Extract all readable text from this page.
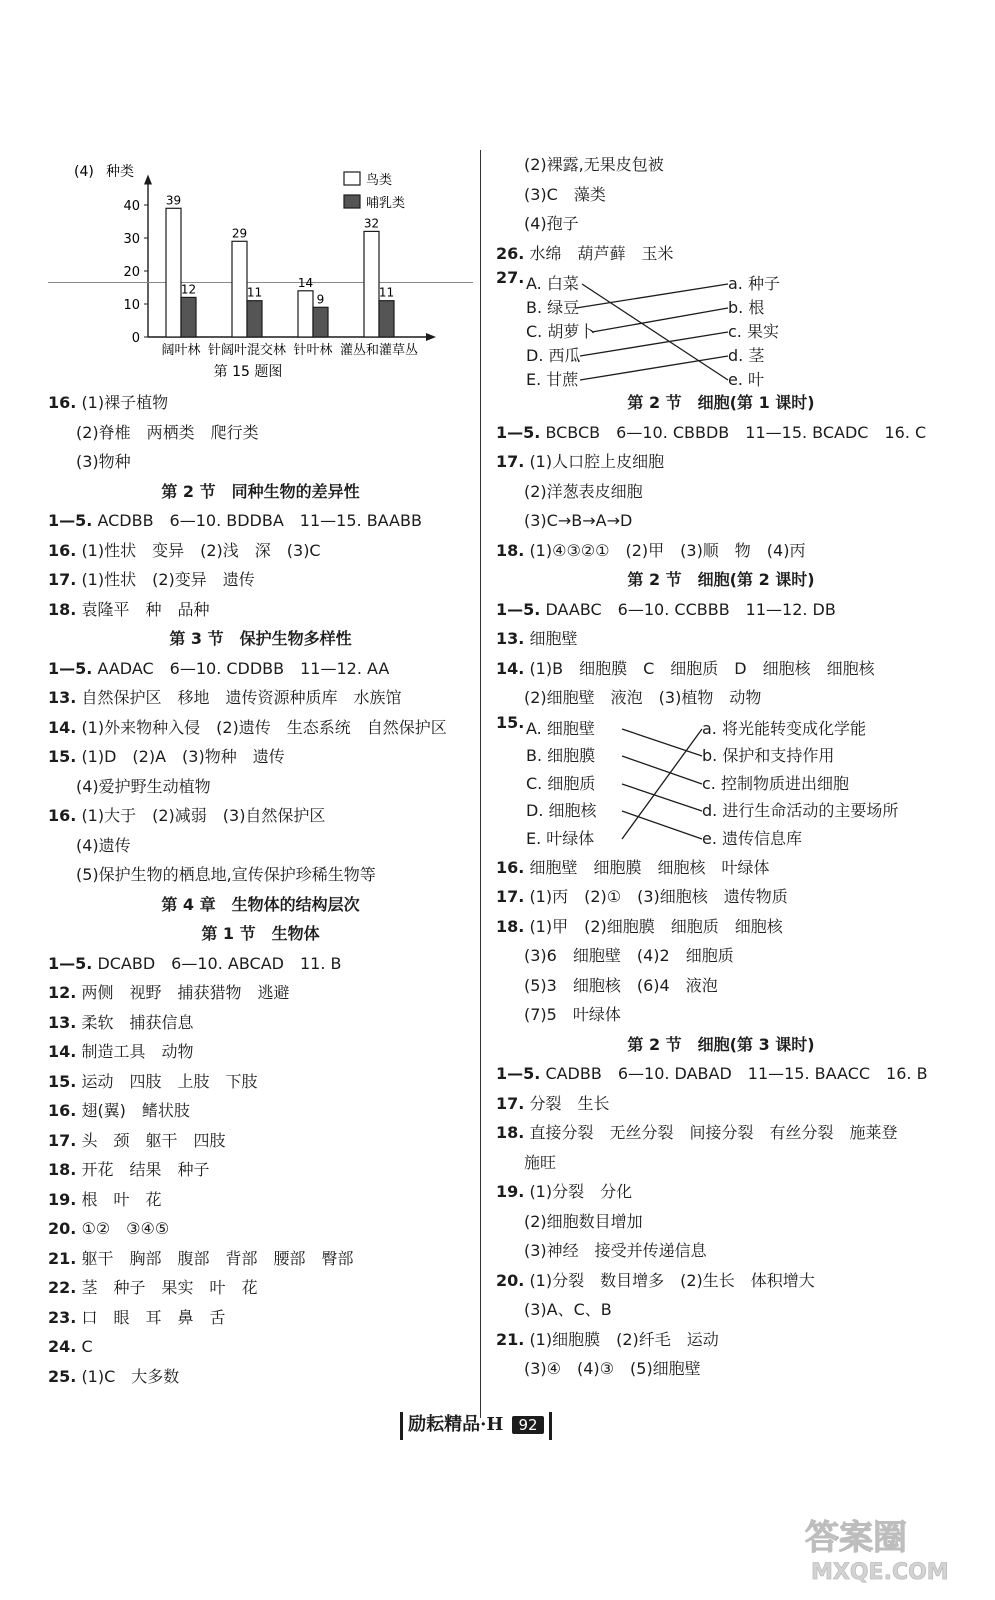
(4) 种类
0
10
20
30
40 39
12
阔叶林
29
11
针阔叶混交林
14
9
针叶林
32
11
灌丛和灌草丛
鸟类
哺乳类
第 15 题图
16. (1)裸子植物
(2)脊椎　两栖类　爬行类
(3)物种
第 2 节　同种生物的差异性
1—5. ACDBB　6—10. BDDBA　11—15. BAABB
16. (1)性状　变异　(2)浅　深　(3)C
17. (1)性状　(2)变异　遗传
18. 袁隆平　种　品种
第 3 节　保护生物多样性
1—5. AADAC　6—10. CDDBB　11—12. AA
13. 自然保护区　移地　遗传资源种质库　水族馆
14. (1)外来物种入侵　(2)遗传　生态系统　自然保护区
15. (1)D　(2)A　(3)物种　遗传
(4)爱护野生动植物
16. (1)大于　(2)减弱　(3)自然保护区
(4)遗传
(5)保护生物的栖息地,宣传保护珍稀生物等
第 4 章　生物体的结构层次
第 1 节　生物体
1—5. DCABD　6—10. ABCAD　11. B
12. 两侧　视野　捕获猎物　逃避
13. 柔软　捕获信息
14. 制造工具　动物
15. 运动　四肢　上肢　下肢
16. 翅(翼)　鳍状肢
17. 头　颈　躯干　四肢
18. 开花　结果　种子
19. 根　叶　花
20. ①②　③④⑤
21. 躯干　胸部　腹部　背部　腰部　臀部
22. 茎　种子　果实　叶　花
23. 口　眼　耳　鼻　舌
24. C
25. (1)C　大多数
(2)裸露,无果皮包被
(3)C　藻类
(4)孢子
26. 水绵　葫芦藓　玉米
27. A. 白菜
B. 绿豆
C. 胡萝卜
D. 西瓜
E. 甘蔗
a. 种子
b. 根
c. 果实
d. 茎
e. 叶
第 2 节　细胞(第 1 课时)
1—5. BCBCB　6—10. CBBDB　11—15. BCADC　16. C
17. (1)人口腔上皮细胞
(2)洋葱表皮细胞
(3)C→B→A→D
18. (1)④③②①　(2)甲　(3)顺　物　(4)丙
第 2 节　细胞(第 2 课时)
1—5. DAABC　6—10. CCBBB　11—12. DB
13. 细胞壁
14. (1)B　细胞膜　C　细胞质　D　细胞核　细胞核
(2)细胞壁　液泡　(3)植物　动物
15. A. 细胞壁
B. 细胞膜
C. 细胞质
D. 细胞核
E. 叶绿体
a. 将光能转变成化学能
b. 保护和支持作用
c. 控制物质进出细胞
d. 进行生命活动的主要场所
e. 遗传信息库
16. 细胞壁　细胞膜　细胞核　叶绿体
17. (1)丙　(2)①　(3)细胞核　遗传物质
18. (1)甲　(2)细胞膜　细胞质　细胞核
(3)6　细胞壁　(4)2　细胞质
(5)3　细胞核　(6)4　液泡
(7)5　叶绿体
第 2 节　细胞(第 3 课时)
1—5. CADBB　6—10. DABAD　11—15. BAACC　16. B
17. 分裂　生长
18. 直接分裂　无丝分裂　间接分裂　有丝分裂　施莱登
施旺
19. (1)分裂　分化
(2)细胞数目增加
(3)神经　接受并传递信息
20. (1)分裂　数目增多　(2)生长　体积增大
(3)A、C、B
21. (1)细胞膜　(2)纤毛　运动
(3)④　(4)③　(5)细胞壁
励耘精品·H 92
答案圈
MXQE.COM
